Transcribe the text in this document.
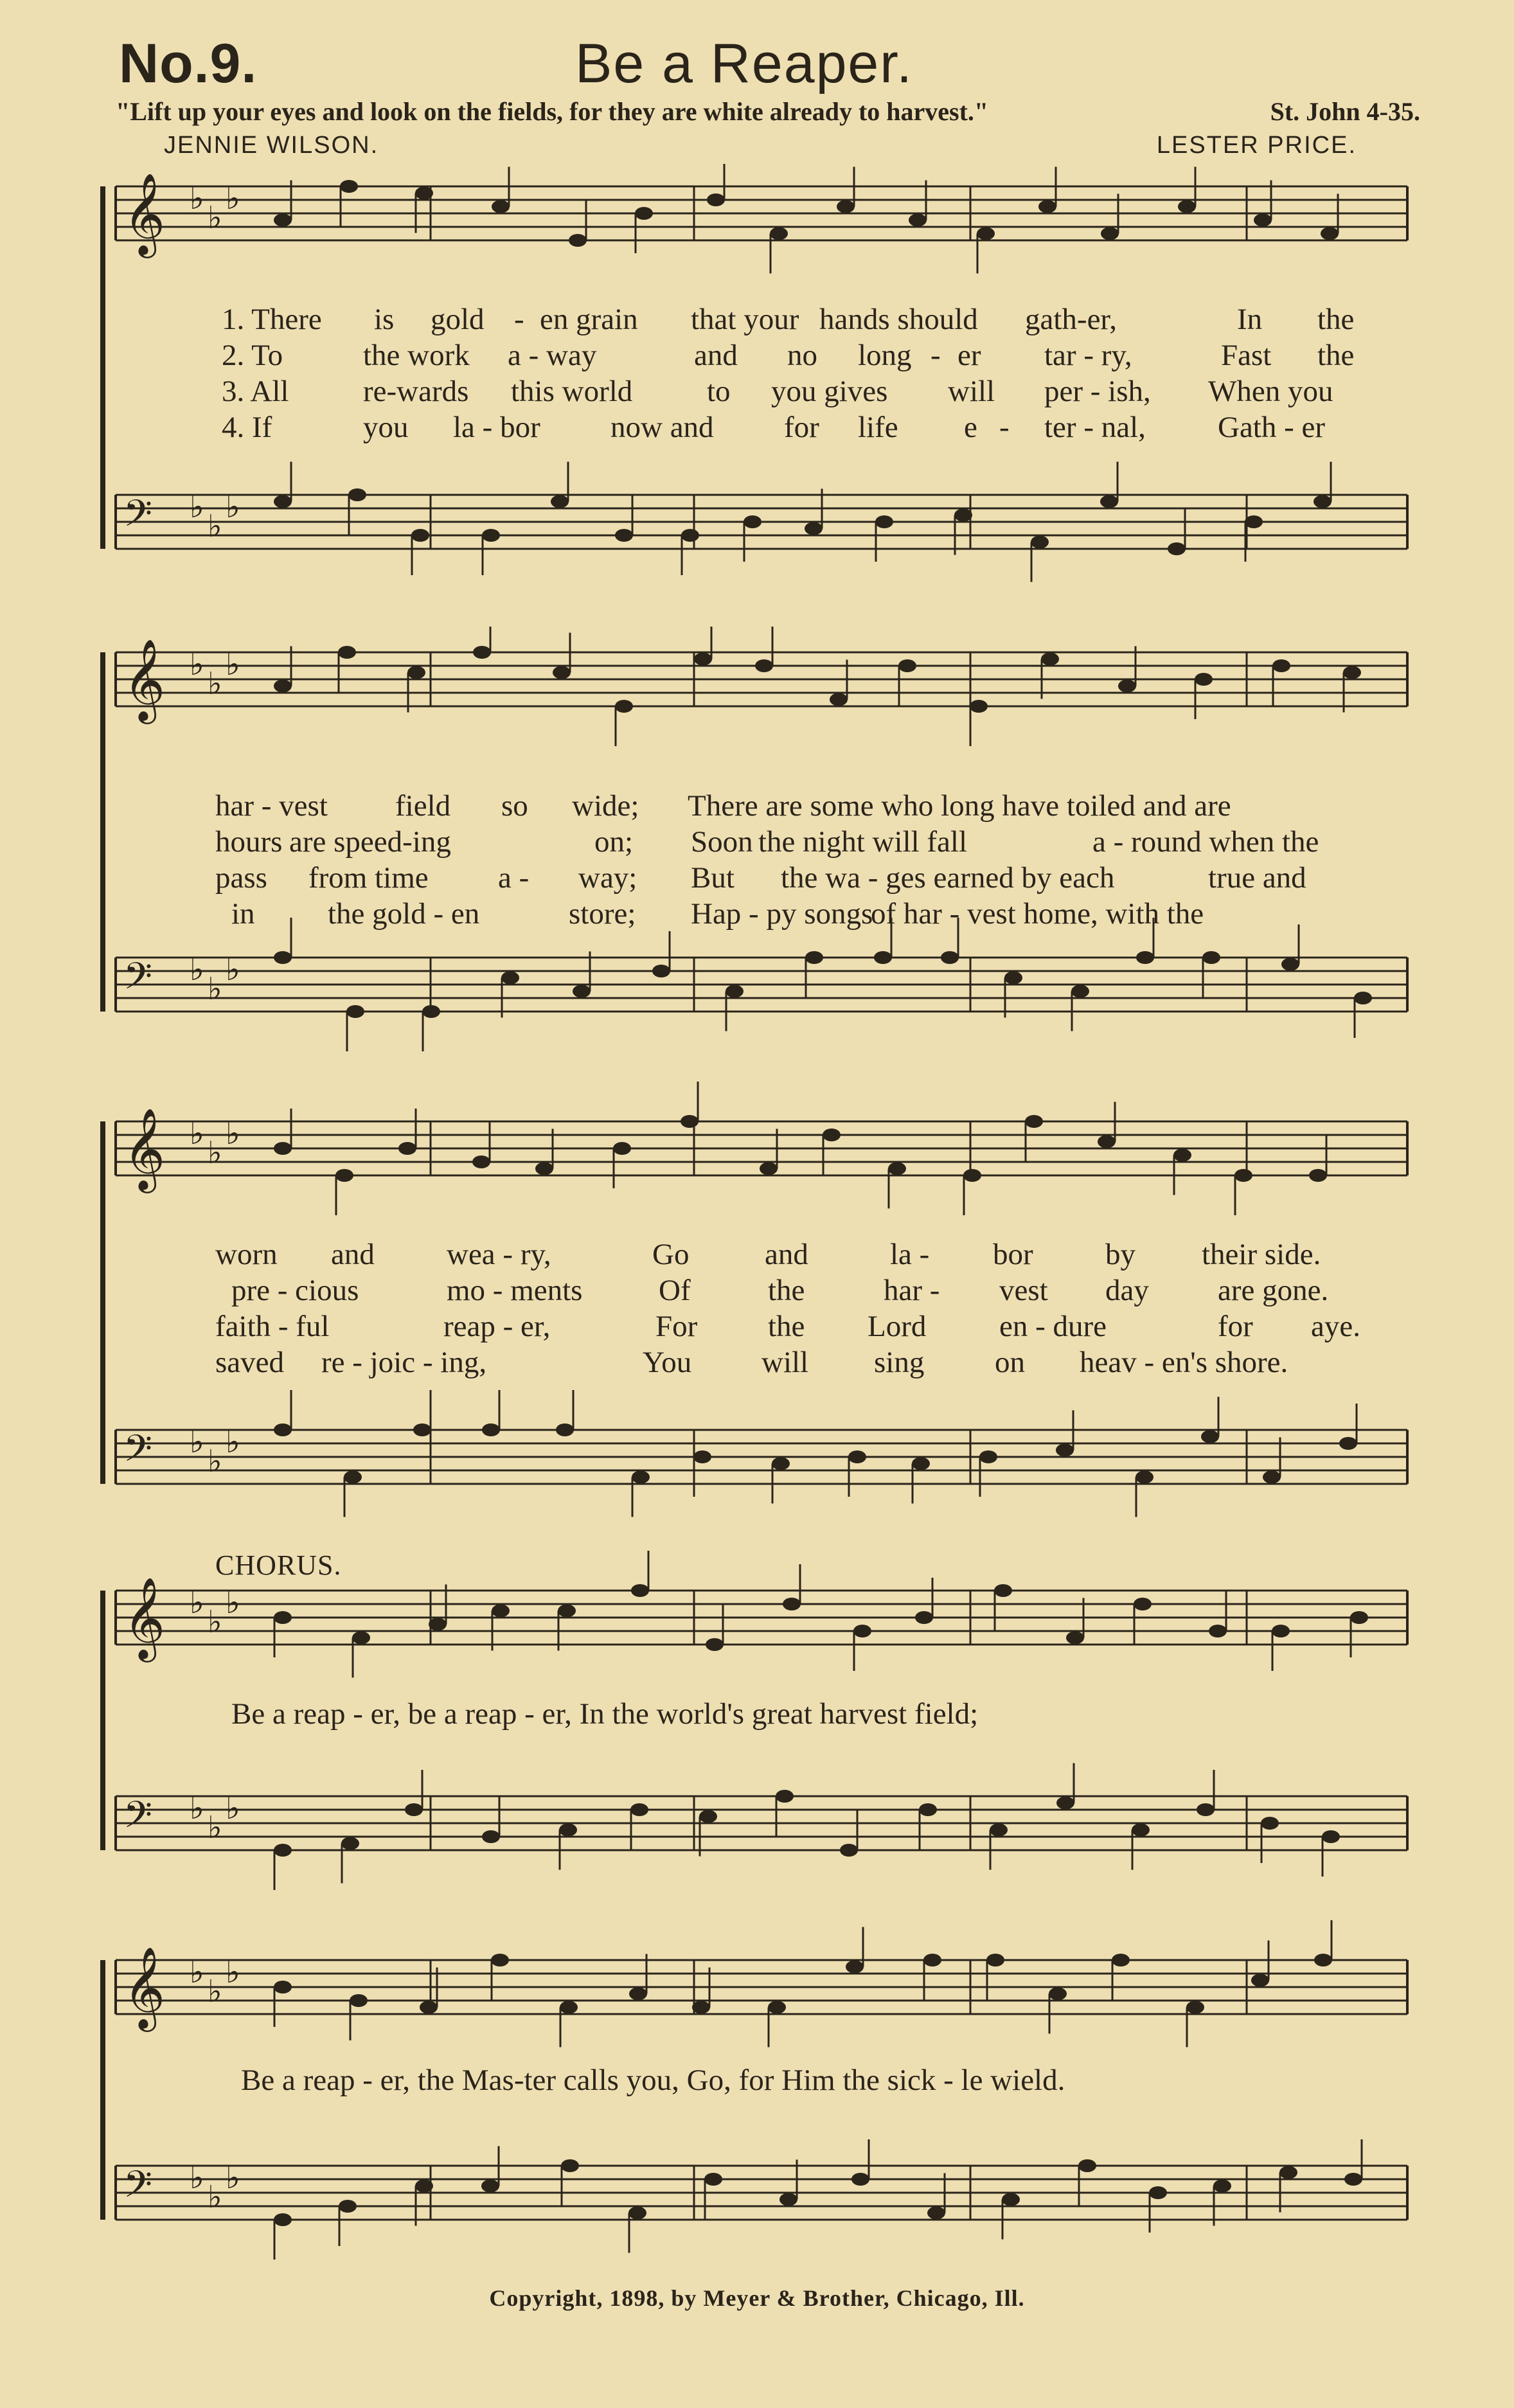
No.9.	Be a Reaper.
"Lift up your eyes and look on the fields, for they are white already to harvest."	St. John 4-35.
JENNIE WILSON.	LESTER PRICE.
𝄞 ♭
♭
♭
𝄢 ♭
♭
♭
1. There is gold - en grain that your hands should gath-er,	In the
2. To	the work a - way	and no long - er tar - ry,	Fast the
3. All re-wards this world to you gives will per - ish, When you
4. If	you la - bor now and for life e - ter - nal, Gath - er
𝄞 ♭
♭
♭
𝄢 ♭
♭
♭
har - vest field so wide; There are some who long have toiled and are
hours are speed-ing	on; Soon the night will fall	a - round when the
pass from time a - way; But the wa - ges earned by each	true and
in the gold - en	store; Hap - py songs
of har - vest home, with the
𝄞 ♭
♭
♭
𝄢 ♭
♭
♭
worn and wea - ry,	Go	and	la - bor by their side.
pre - cious	mo - ments	Of	the	har - vest day are gone.
faith - ful	reap - er,	For the Lord en - dure	for aye.
saved re - joic - ing,	You will sing on heav - en's shore.
CHORUS.
𝄞 ♭
♭
♭
𝄢 ♭
♭
♭

Be a reap - er, be a reap - er, In the world's great harvest field;

𝄞 ♭
♭
♭
𝄢 ♭
♭
♭

Be a reap - er, the Mas-ter calls you, Go, for Him the sick - le wield.

Copyright, 1898, by Meyer & Brother, Chicago, Ill.
